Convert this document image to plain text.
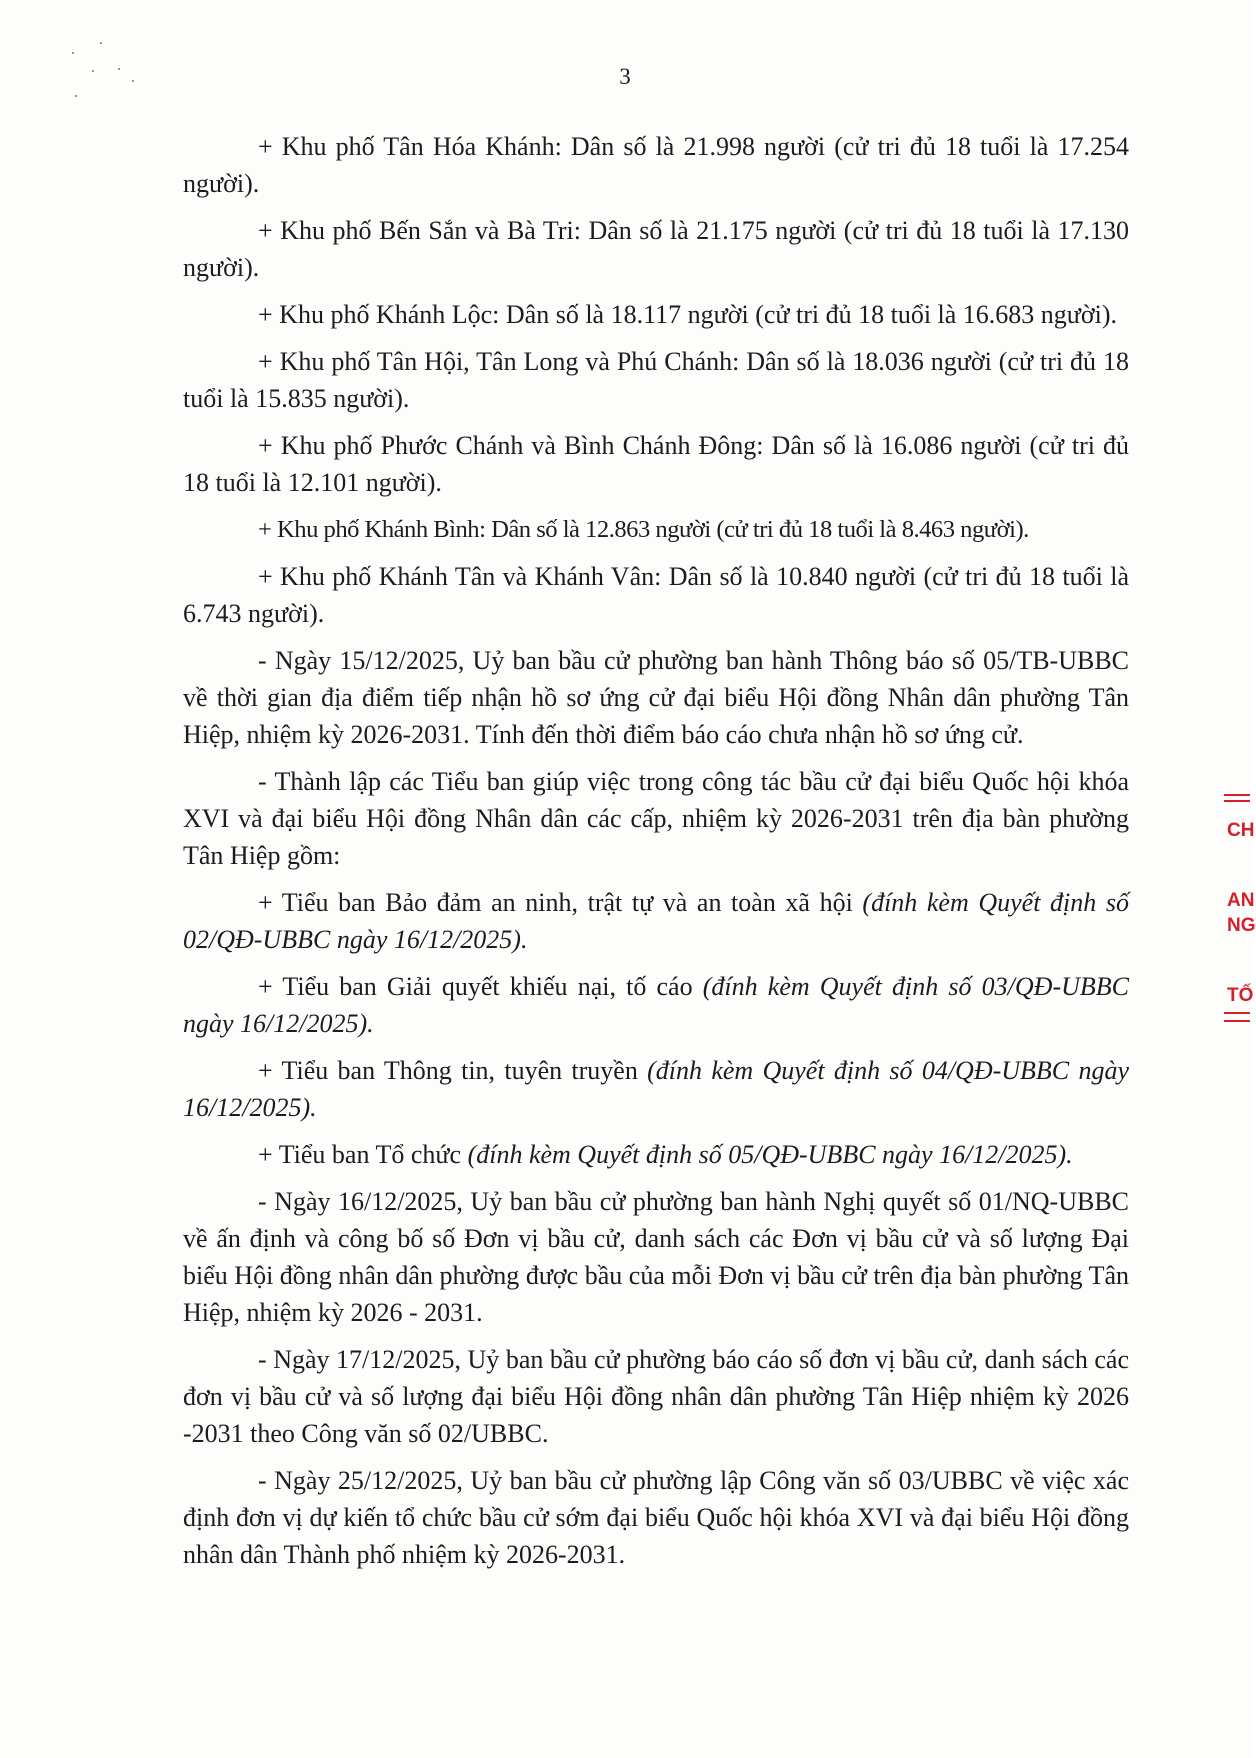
3

+ Khu phố Tân Hóa Khánh: Dân số là 21.998 người (cử tri đủ 18 tuổi là 17.254 người).

+ Khu phố Bến Sắn và Bà Tri: Dân số là 21.175 người (cử tri đủ 18 tuổi là 17.130 người).

+ Khu phố Khánh Lộc: Dân số là 18.117 người (cử tri đủ 18 tuổi là 16.683 người).

+ Khu phố Tân Hội, Tân Long và Phú Chánh: Dân số là 18.036 người (cử tri đủ 18 tuổi là 15.835 người).

+ Khu phố Phước Chánh và Bình Chánh Đông: Dân số là 16.086 người (cử tri đủ 18 tuổi là 12.101 người).

+ Khu phố Khánh Bình: Dân số là 12.863 người (cử tri đủ 18 tuổi là 8.463 người).

+ Khu phố Khánh Tân và Khánh Vân: Dân số là 10.840 người (cử tri đủ 18 tuổi là 6.743 người).

- Ngày 15/12/2025, Uỷ ban bầu cử phường ban hành Thông báo số 05/TB-UBBC về thời gian địa điểm tiếp nhận hồ sơ ứng cử đại biểu Hội đồng Nhân dân phường Tân Hiệp, nhiệm kỳ 2026-2031. Tính đến thời điểm báo cáo chưa nhận hồ sơ ứng cử.

- Thành lập các Tiểu ban giúp việc trong công tác bầu cử đại biểu Quốc hội khóa XVI và đại biểu Hội đồng Nhân dân các cấp, nhiệm kỳ 2026-2031 trên địa bàn phường Tân Hiệp gồm:

+ Tiểu ban Bảo đảm an ninh, trật tự và an toàn xã hội (đính kèm Quyết định số 02/QĐ-UBBC ngày 16/12/2025).

+ Tiểu ban Giải quyết khiếu nại, tố cáo (đính kèm Quyết định số 03/QĐ-UBBC ngày 16/12/2025).

+ Tiểu ban Thông tin, tuyên truyền (đính kèm Quyết định số 04/QĐ-UBBC ngày 16/12/2025).

+ Tiểu ban Tổ chức (đính kèm Quyết định số 05/QĐ-UBBC ngày 16/12/2025).

- Ngày 16/12/2025, Uỷ ban bầu cử phường ban hành Nghị quyết số 01/NQ-UBBC về ấn định và công bố số Đơn vị bầu cử, danh sách các Đơn vị bầu cử và số lượng Đại biểu Hội đồng nhân dân phường được bầu của mỗi Đơn vị bầu cử trên địa bàn phường Tân Hiệp, nhiệm kỳ 2026 - 2031.

- Ngày 17/12/2025, Uỷ ban bầu cử phường báo cáo số đơn vị bầu cử, danh sách các đơn vị bầu cử và số lượng đại biểu Hội đồng nhân dân phường Tân Hiệp nhiệm kỳ 2026 -2031 theo Công văn số 02/UBBC.

- Ngày 25/12/2025, Uỷ ban bầu cử phường lập Công văn số 03/UBBC về việc xác định đơn vị dự kiến tổ chức bầu cử sớm đại biểu Quốc hội khóa XVI và đại biểu Hội đồng nhân dân Thành phố nhiệm kỳ 2026-2031.

CH
AN
NG
TỐ
